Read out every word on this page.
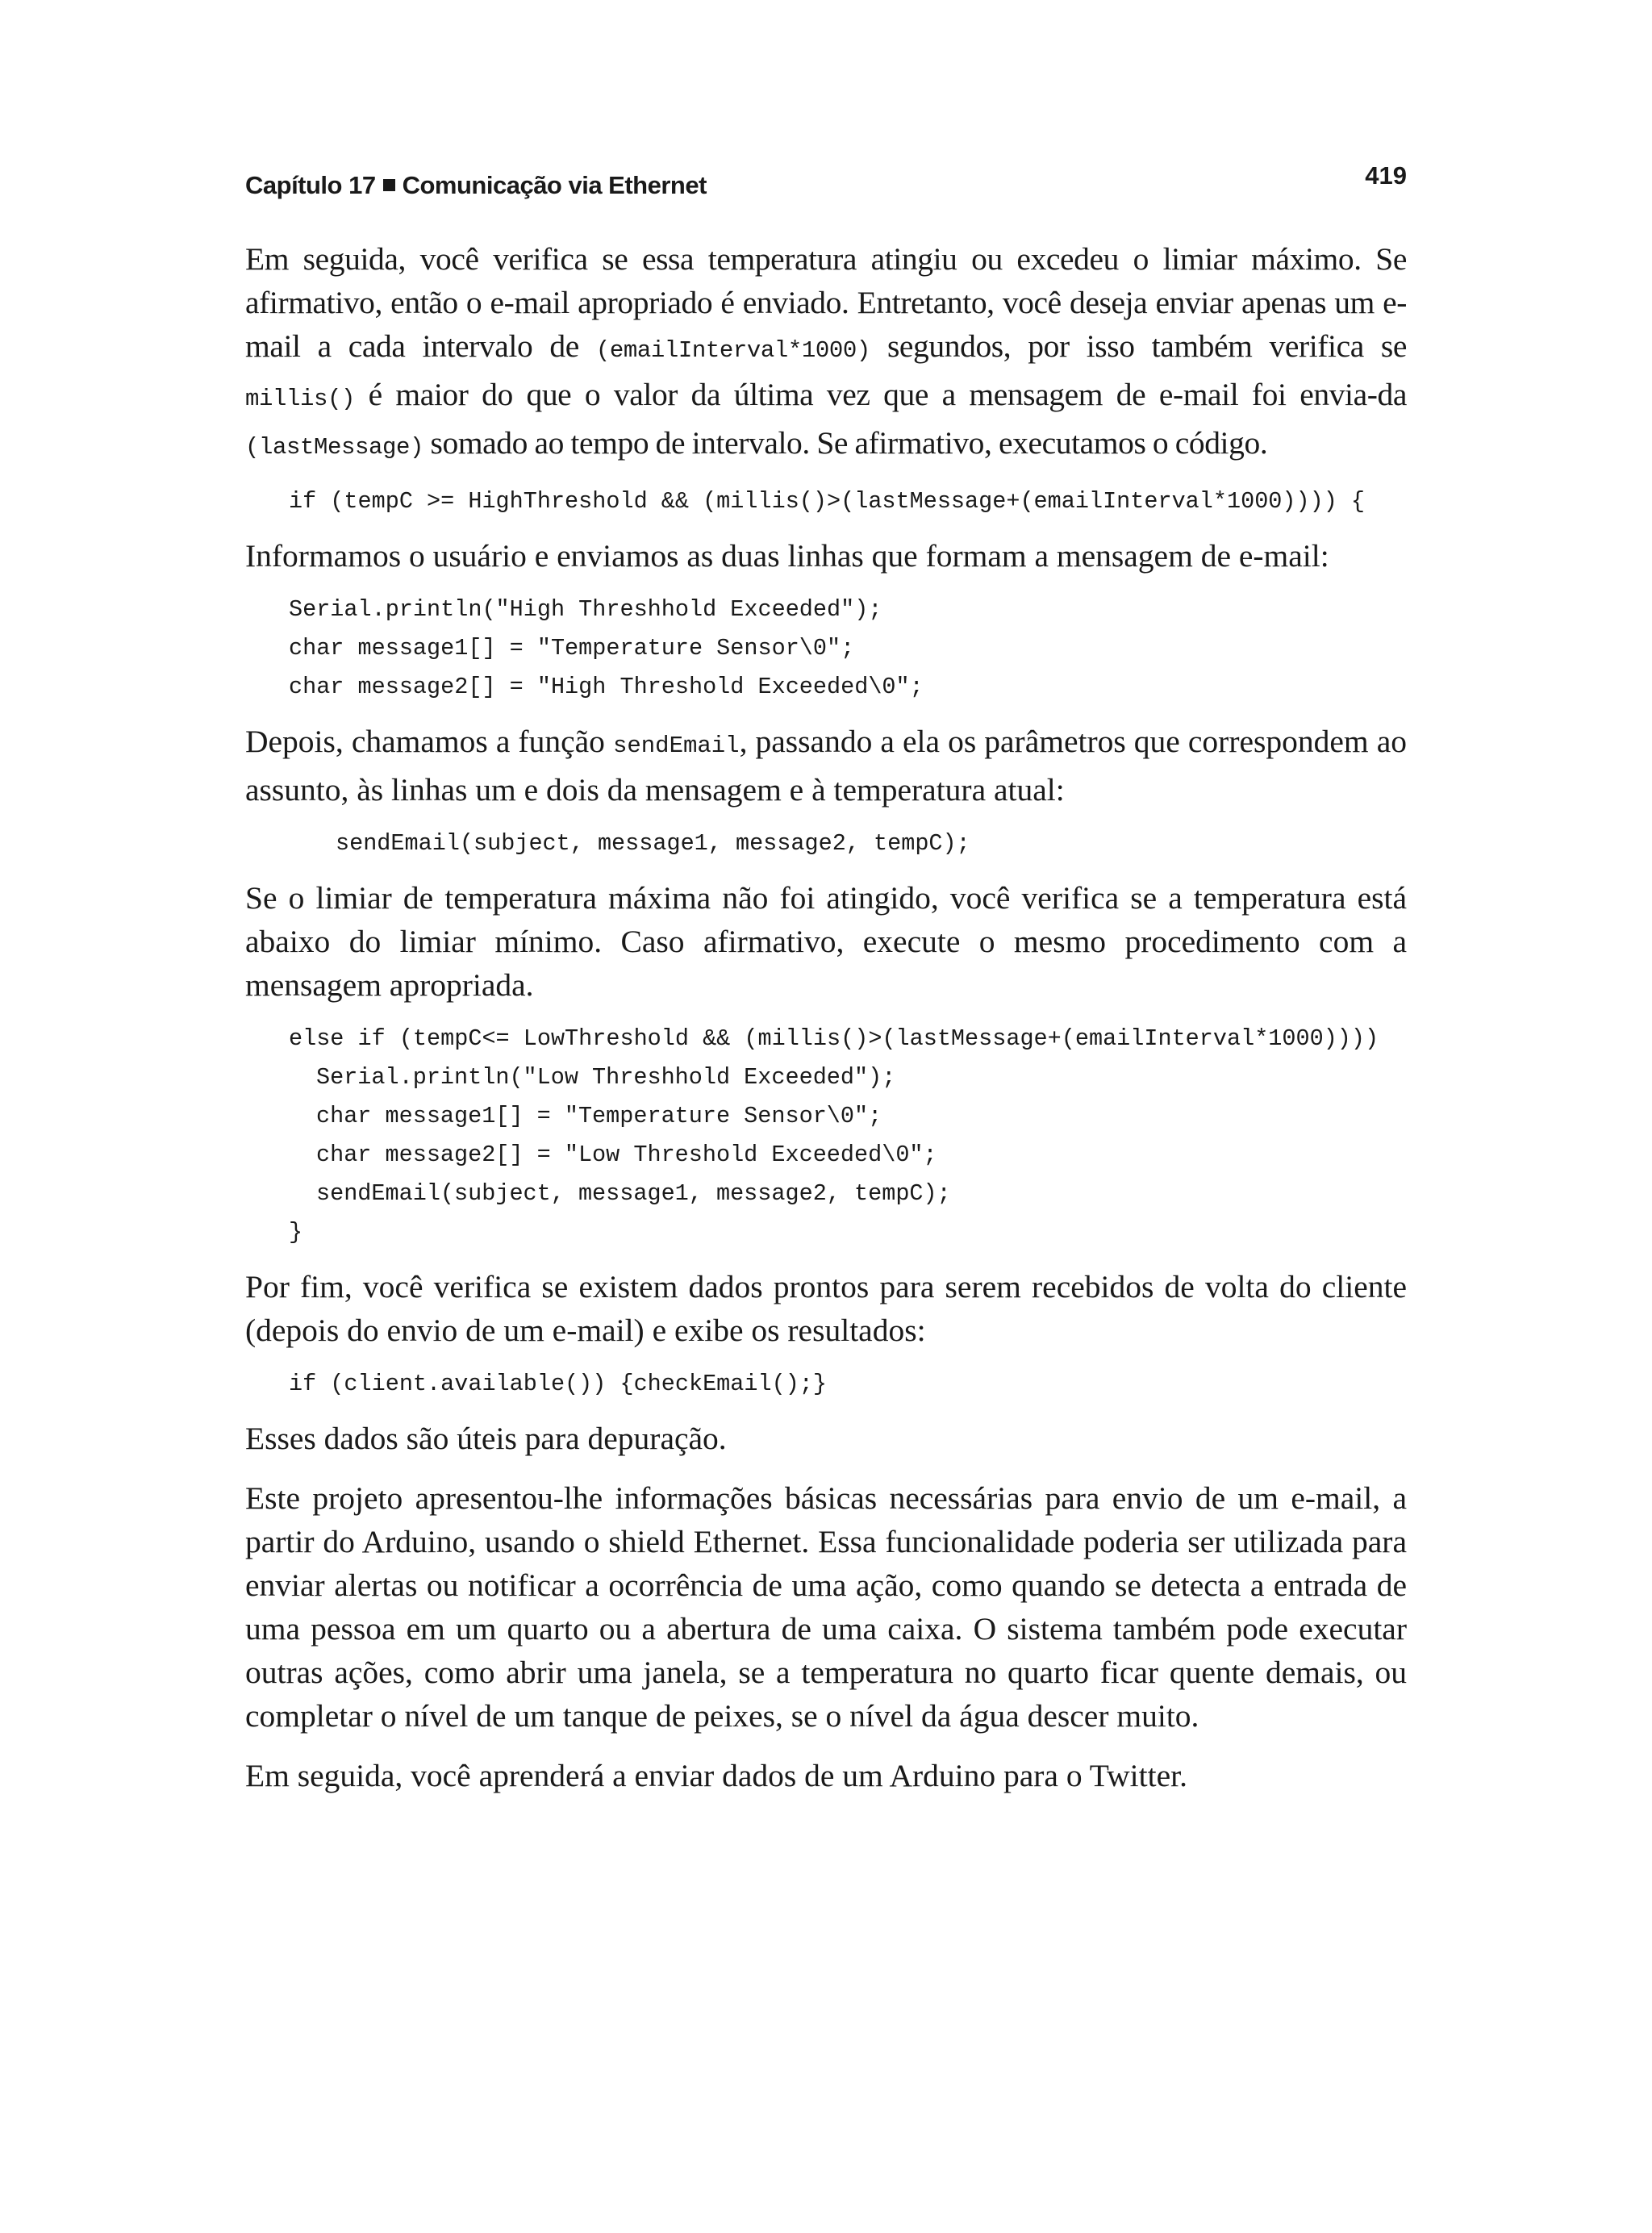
Capítulo 17 Comunicação via Ethernet	419

Em seguida, você verifica se essa temperatura atingiu ou excedeu o limiar máximo. Se afirmativo, então o e-mail apropriado é enviado. Entretanto, você deseja enviar apenas um e-mail a cada intervalo de (emailInterval*1000) segundos, por isso também verifica se millis() é maior do que o valor da última vez que a mensagem de e-mail foi envia-da (lastMessage) somado ao tempo de intervalo. Se afirmativo, executamos o código.

if (tempC >= HighThreshold && (millis()>(lastMessage+(emailInterval*1000)))) {

Informamos o usuário e enviamos as duas linhas que formam a mensagem de e-mail:

Serial.println("High Threshhold Exceeded");
char message1[] = "Temperature Sensor\0";
char message2[] = "High Threshold Exceeded\0";

Depois, chamamos a função sendEmail, passando a ela os parâmetros que correspondem ao assunto, às linhas um e dois da mensagem e à temperatura atual:

sendEmail(subject, message1, message2, tempC);

Se o limiar de temperatura máxima não foi atingido, você verifica se a temperatura está abaixo do limiar mínimo. Caso afirmativo, execute o mesmo procedimento com a mensagem apropriada.

else if (tempC<= LowThreshold && (millis()>(lastMessage+(emailInterval*1000))))
Serial.println("Low Threshhold Exceeded");
char message1[] = "Temperature Sensor\0";
char message2[] = "Low Threshold Exceeded\0";
sendEmail(subject, message1, message2, tempC);
}

Por fim, você verifica se existem dados prontos para serem recebidos de volta do cliente (depois do envio de um e-mail) e exibe os resultados:

if (client.available()) {checkEmail();}

Esses dados são úteis para depuração.

Este projeto apresentou-lhe informações básicas necessárias para envio de um e-mail, a partir do Arduino, usando o shield Ethernet. Essa funcionalidade poderia ser utilizada para enviar alertas ou notificar a ocorrência de uma ação, como quando se detecta a entrada de uma pessoa em um quarto ou a abertura de uma caixa. O sistema também pode executar outras ações, como abrir uma janela, se a temperatura no quarto ficar quente demais, ou completar o nível de um tanque de peixes, se o nível da água descer muito.

Em seguida, você aprenderá a enviar dados de um Arduino para o Twitter.
